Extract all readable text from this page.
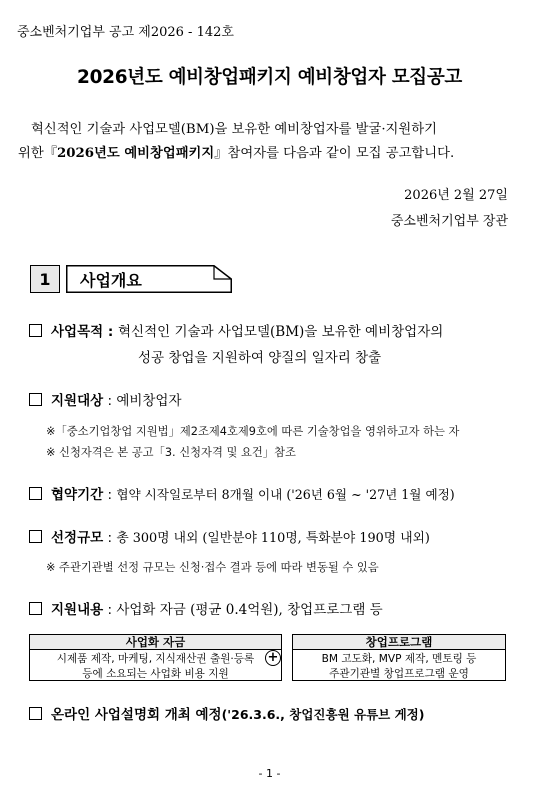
중소벤처기업부 공고 제2026 - 142호
2026년도 예비창업패키지 예비창업자 모집공고
혁신적인 기술과 사업모델(BM)을 보유한 예비창업자를 발굴·지원하기
위한『2026년도 예비창업패키지』참여자를 다음과 같이 모집 공고합니다.
2026년 2월 27일
중소벤처기업부 장관
1	사업개요
사업목적 : 혁신적인 기술과 사업모델(BM)을 보유한 예비창업자의
성공 창업을 지원하여 양질의 일자리 창출
지원대상 : 예비창업자
※「중소기업창업 지원법」제2조제4호제9호에 따른 기술창업을 영위하고자 하는 자
※ 신청자격은 본 공고「3. 신청자격 및 요건」참조
협약기간 : 협약 시작일로부터 8개월 이내 ('26년 6월 ~ '27년 1월 예정)
선정규모 : 총 300명 내외 (일반분야 110명, 특화분야 190명 내외)
※ 주관기관별 선정 규모는 신청·접수 결과 등에 따라 변동될 수 있음
지원내용 : 사업화 자금 (평균 0.4억원), 창업프로그램 등
사업화 자금
시제품 제작, 마케팅, 지식재산권 출원·등록
등에 소요되는 사업화 비용 지원
+
창업프로그램
BM 고도화, MVP 제작, 멘토링 등
주관기관별 창업프로그램 운영
온라인 사업설명회 개최 예정('26.3.6., 창업진흥원 유튜브 게정)
- 1 -
